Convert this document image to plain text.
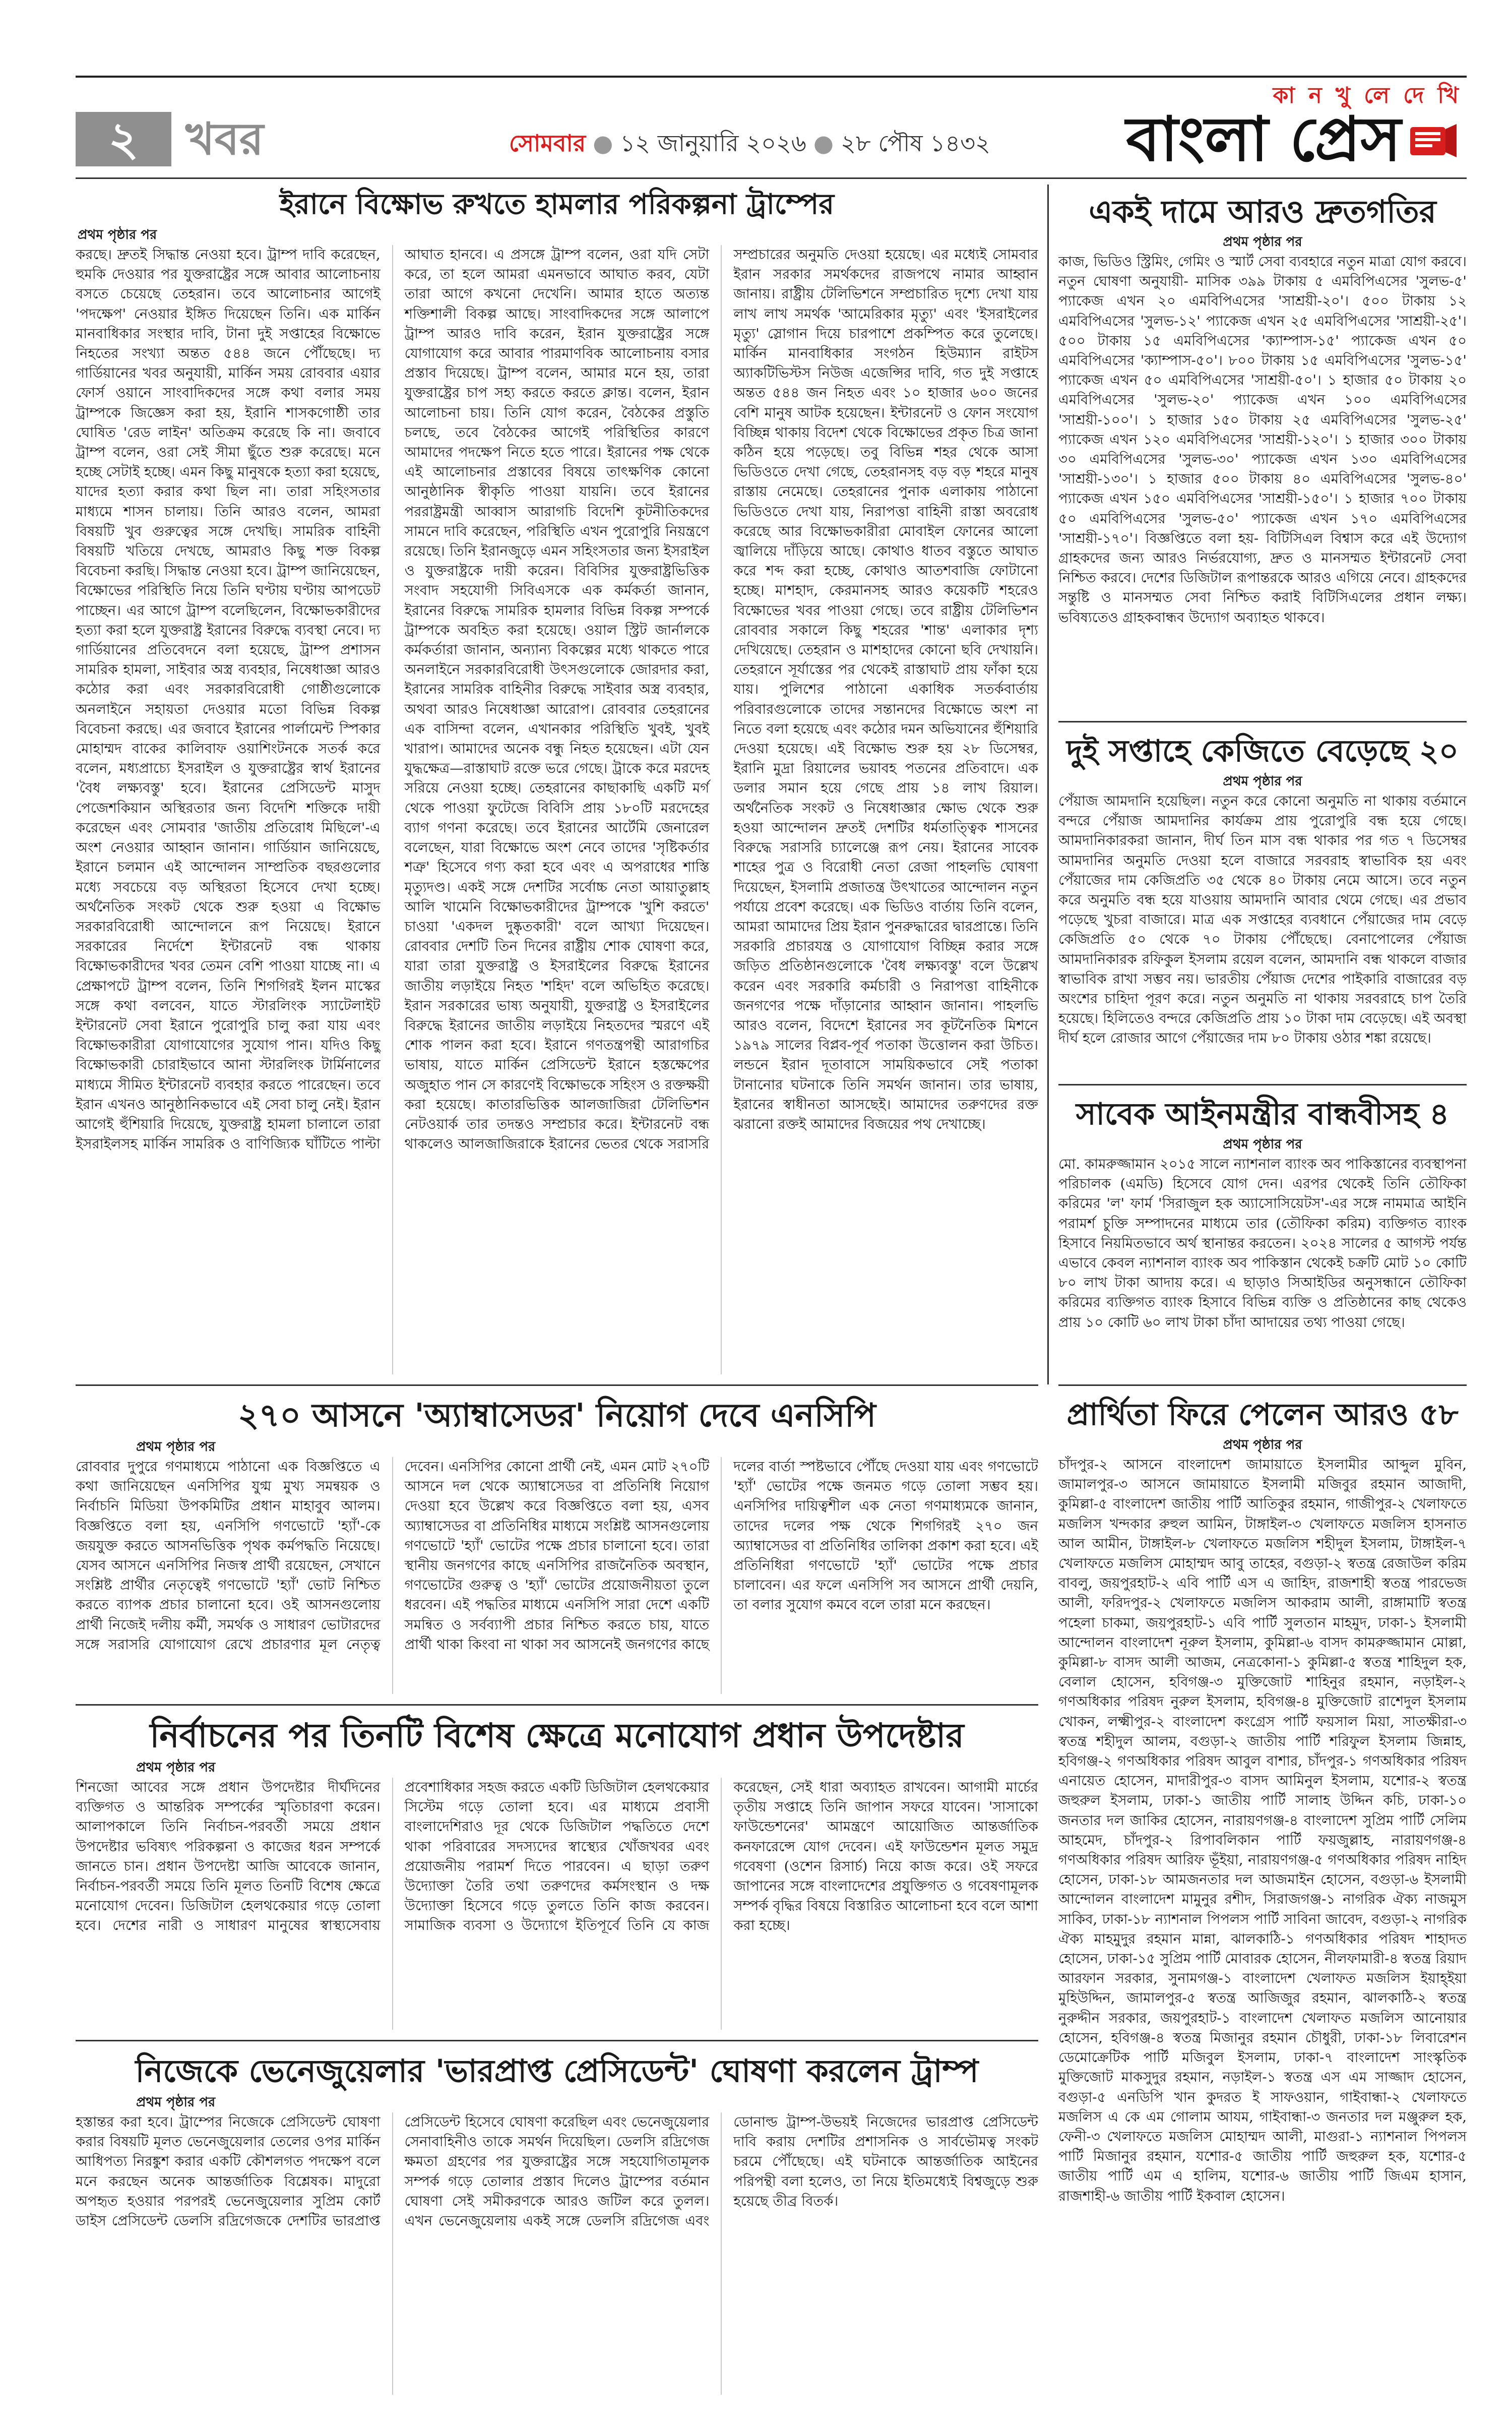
২	খবর	সোমবার ● ১২ জানুয়ারি ২০২৬ ● ২৮ পৌষ ১৪৩২
কা ন খু লে দে খি
বাংলা প্রেস
ইরানে বিক্ষোভ রুখতে হামলার পরিকল্পনা ট্রাম্পের

প্রথম পৃষ্ঠার পর

করছে। দ্রুতই সিদ্ধান্ত নেওয়া হবে। ট্রাম্প দাবি করেছেন, হুমকি দেওয়ার পর যুক্তরাষ্ট্রের সঙ্গে আবার আলোচনায় বসতে চেয়েছে তেহরান। তবে আলোচনার আগেই 'পদক্ষেপ' নেওয়ার ইঙ্গিত দিয়েছেন তিনি। এক মার্কিন মানবাধিকার সংস্থার দাবি, টানা দুই সপ্তাহের বিক্ষোভে নিহতের সংখ্যা অন্তত ৫৪৪ জনে পৌঁছেছে। দ্য গার্ডিয়ানের খবর অনুযায়ী, মার্কিন সময় রোববার এয়ার ফোর্স ওয়ানে সাংবাদিকদের সঙ্গে কথা বলার সময় ট্রাম্পকে জিজ্ঞেস করা হয়, ইরানি শাসকগোষ্ঠী তার ঘোষিত 'রেড লাইন' অতিক্রম করেছে কি না। জবাবে ট্রাম্প বলেন, ওরা সেই সীমা ছুঁতে শুরু করেছে। মনে হচ্ছে সেটাই হচ্ছে। এমন কিছু মানুষকে হত্যা করা হয়েছে, যাদের হত্যা করার কথা ছিল না। তারা সহিংসতার মাধ্যমে শাসন চালায়। তিনি আরও বলেন, আমরা বিষয়টি খুব গুরুত্বের সঙ্গে দেখছি। সামরিক বাহিনী বিষয়টি খতিয়ে দেখছে, আমরাও কিছু শক্ত বিকল্প বিবেচনা করছি। সিদ্ধান্ত নেওয়া হবে। ট্রাম্প জানিয়েছেন, বিক্ষোভের পরিস্থিতি নিয়ে তিনি ঘণ্টায় ঘণ্টায় আপডেট পাচ্ছেন। এর আগে ট্রাম্প বলেছিলেন, বিক্ষোভকারীদের হত্যা করা হলে যুক্তরাষ্ট্র ইরানের বিরুদ্ধে ব্যবস্থা নেবে। দ্য গার্ডিয়ানের প্রতিবেদনে বলা হয়েছে, ট্রাম্প প্রশাসন সামরিক হামলা, সাইবার অস্ত্র ব্যবহার, নিষেধাজ্ঞা আরও কঠোর করা এবং সরকারবিরোধী গোষ্ঠীগুলোকে অনলাইনে সহায়তা দেওয়ার মতো বিভিন্ন বিকল্প বিবেচনা করছে। এর জবাবে ইরানের পার্লামেন্ট স্পিকার মোহাম্মদ বাকের কালিবাফ ওয়াশিংটনকে সতর্ক করে বলেন, মধ্যপ্রাচ্যে ইসরাইল ও যুক্তরাষ্ট্রের স্বার্থ ইরানের 'বৈধ লক্ষ্যবস্তু' হবে। ইরানের প্রেসিডেন্ট মাসুদ পেজেশকিয়ান অস্থিরতার জন্য বিদেশি শক্তিকে দায়ী করেছেন এবং সোমবার 'জাতীয় প্রতিরোধ মিছিলে'-এ অংশ নেওয়ার আহ্বান জানান। গার্ডিয়ান জানিয়েছে, ইরানে চলমান এই আন্দোলন সাম্প্রতিক বছরগুলোর মধ্যে সবচেয়ে বড় অস্থিরতা হিসেবে দেখা হচ্ছে। অর্থনৈতিক সংকট থেকে শুরু হওয়া এ বিক্ষোভ সরকারবিরোধী আন্দোলনে রূপ নিয়েছে। ইরানে সরকারের নির্দেশে ইন্টারনেট বন্ধ থাকায় বিক্ষোভকারীদের খবর তেমন বেশি পাওয়া যাচ্ছে না। এ প্রেক্ষাপটে ট্রাম্প বলেন, তিনি শিগগিরই ইলন মাস্কের সঙ্গে কথা বলবেন, যাতে স্টারলিংক স্যাটেলাইট ইন্টারনেট সেবা ইরানে পুরোপুরি চালু করা যায় এবং বিক্ষোভকারীরা যোগাযোগের সুযোগ পান। যদিও কিছু বিক্ষোভকারী চোরাইভাবে আনা স্টারলিংক টার্মিনালের মাধ্যমে সীমিত ইন্টারনেট ব্যবহার করতে পারেছেন। তবে ইরান এখনও আনুষ্ঠানিকভাবে এই সেবা চালু নেই। ইরান আগেই হুঁশিয়ারি দিয়েছে, যুক্তরাষ্ট্র হামলা চালালে তারা ইসরাইলসহ মার্কিন সামরিক ও বাণিজ্যিক ঘাঁটিতে পাল্টা আঘাত হানবে। এ প্রসঙ্গে ট্রাম্প বলেন, ওরা যদি সেটা করে, তা হলে আমরা এমনভাবে আঘাত করব, যেটা তারা আগে কখনো দেখেনি। আমার হাতে অত্যন্ত শক্তিশালী বিকল্প আছে। সাংবাদিকদের সঙ্গে আলাপে ট্রাম্প আরও দাবি করেন, ইরান যুক্তরাষ্ট্রের সঙ্গে যোগাযোগ করে আবার পারমাণবিক আলোচনায় বসার প্রস্তাব দিয়েছে। ট্রাম্প বলেন, আমার মনে হয়, তারা যুক্তরাষ্ট্রের চাপ সহ্য করতে করতে ক্লান্ত। বলেন, ইরান আলোচনা চায়। তিনি যোগ করেন, বৈঠকের প্রস্তুতি চলছে, তবে বৈঠকের আগেই পরিস্থিতির কারণে আমাদের পদক্ষেপ নিতে হতে পারে। ইরানের পক্ষ থেকে এই আলোচনার প্রস্তাবের বিষয়ে তাৎক্ষণিক কোনো আনুষ্ঠানিক স্বীকৃতি পাওয়া যায়নি। তবে ইরানের পররাষ্ট্রমন্ত্রী আব্বাস আরাগচি বিদেশি কূটনীতিকদের সামনে দাবি করেছেন, পরিস্থিতি এখন পুরোপুরি নিয়ন্ত্রণে রয়েছে। তিনি ইরানজুড়ে এমন সহিংসতার জন্য ইসরাইল ও যুক্তরাষ্ট্রকে দায়ী করেন। বিবিসির যুক্তরাষ্ট্রভিত্তিক সংবাদ সহযোগী সিবিএসকে এক কর্মকর্তা জানান, ইরানের বিরুদ্ধে সামরিক হামলার বিভিন্ন বিকল্প সম্পর্কে ট্রাম্পকে অবহিত করা হয়েছে। ওয়াল স্ট্রিট জার্নালকে কর্মকর্তারা জানান, অন্যান্য বিকল্পের মধ্যে থাকতে পারে অনলাইনে সরকারবিরোধী উৎসগুলোকে জোরদার করা, ইরানের সামরিক বাহিনীর বিরুদ্ধে সাইবার অস্ত্র ব্যবহার, অথবা আরও নিষেধাজ্ঞা আরোপ। রোববার তেহরানের এক বাসিন্দা বলেন, এখানকার পরিস্থিতি খুবই, খুবই খারাপ। আমাদের অনেক বন্ধু নিহত হয়েছেন। এটা যেন যুদ্ধক্ষেত্র—রাস্তাঘাট রক্তে ভরে গেছে। ট্রাকে করে মরদেহ সরিয়ে নেওয়া হচ্ছে। তেহরানের কাছাকাছি একটি মর্গ থেকে পাওয়া ফুটেজে বিবিসি প্রায় ১৮০টি মরদেহের ব্যাগ গণনা করেছে। তবে ইরানের আর্টেমি জেনারেল বলেছেন, যারা বিক্ষোভে অংশ নেবে তাদের 'সৃষ্টিকর্তার শত্রু' হিসেবে গণ্য করা হবে এবং এ অপরাধের শাস্তি মৃত্যুদণ্ড। একই সঙ্গে দেশটির সর্বোচ্চ নেতা আয়াতুল্লাহ আলি খামেনি বিক্ষোভকারীদের ট্রাম্পকে 'খুশি করতে' চাওয়া 'একদল দুষ্কৃতকারী' বলে আখ্যা দিয়েছেন। রোববার দেশটি তিন দিনের রাষ্ট্রীয় শোক ঘোষণা করে, যারা তারা যুক্তরাষ্ট্র ও ইসরাইলের বিরুদ্ধে ইরানের জাতীয় লড়াইয়ে নিহত 'শহিদ' বলে অভিহিত করেছে। ইরান সরকারের ভাষ্য অনুযায়ী, যুক্তরাষ্ট্র ও ইসরাইলের বিরুদ্ধে ইরানের জাতীয় লড়াইয়ে নিহতদের স্মরণে এই শোক পালন করা হবে। ইরানে গণতন্ত্রপন্থী আরাগচির ভাষায়, যাতে মার্কিন প্রেসিডেন্ট ইরানে হস্তক্ষেপের অজুহাত পান সে কারণেই বিক্ষোভকে সহিংস ও রক্তক্ষয়ী করা হয়েছে। কাতারভিত্তিক আলজাজিরা টেলিভিশন নেটওয়ার্ক তার তদন্তও সম্প্রচার করে। ইন্টারনেট বন্ধ থাকলেও আলজাজিরাকে ইরানের ভেতর থেকে সরাসরি সম্প্রচারের অনুমতি দেওয়া হয়েছে। এর মধ্যেই সোমবার ইরান সরকার সমর্থকদের রাজপথে নামার আহ্বান জানায়। রাষ্ট্রীয় টেলিভিশনে সম্প্রচারিত দৃশ্যে দেখা যায় লাখ লাখ সমর্থক 'আমেরিকার মৃত্যু' এবং 'ইসরাইলের মৃত্যু' স্লোগান দিয়ে চারপাশে প্রকম্পিত করে তুলেছে। মার্কিন মানবাধিকার সংগঠন হিউম্যান রাইটস অ্যাকটিভিস্টস নিউজ এজেন্সির দাবি, গত দুই সপ্তাহে অন্তত ৫৪৪ জন নিহত এবং ১০ হাজার ৬০০ জনের বেশি মানুষ আটক হয়েছেন। ইন্টারনেট ও ফোন সংযোগ বিচ্ছিন্ন থাকায় বিদেশ থেকে বিক্ষোভের প্রকৃত চিত্র জানা কঠিন হয়ে পড়েছে। তবু বিভিন্ন শহর থেকে আসা ভিডিওতে দেখা গেছে, তেহরানসহ বড় বড় শহরে মানুষ রাস্তায় নেমেছে। তেহরানের পুনাক এলাকায় পাঠানো ভিডিওতে দেখা যায়, নিরাপত্তা বাহিনী রাস্তা অবরোধ করেছে আর বিক্ষোভকারীরা মোবাইল ফোনের আলো জ্বালিয়ে দাঁড়িয়ে আছে। কোথাও ধাতব বস্তুতে আঘাত করে শব্দ করা হচ্ছে, কোথাও আতশবাজি ফোটানো হচ্ছে। মাশহাদ, কেরমানসহ আরও কয়েকটি শহরেও বিক্ষোভের খবর পাওয়া গেছে। তবে রাষ্ট্রীয় টেলিভিশন রোববার সকালে কিছু শহরের 'শান্ত' এলাকার দৃশ্য দেখিয়েছে। তেহরান ও মাশহাদের কোনো ছবি দেখায়নি। তেহরানে সূর্যাস্তের পর থেকেই রাস্তাঘাট প্রায় ফাঁকা হয়ে যায়। পুলিশের পাঠানো একাধিক সতর্কবার্তায় পরিবারগুলোকে তাদের সন্তানদের বিক্ষোভে অংশ না নিতে বলা হয়েছে এবং কঠোর দমন অভিযানের হুঁশিয়ারি দেওয়া হয়েছে। এই বিক্ষোভ শুরু হয় ২৮ ডিসেম্বর, ইরানি মুদ্রা রিয়ালের ভয়াবহ পতনের প্রতিবাদে। এক ডলার সমান হয়ে গেছে প্রায় ১৪ লাখ রিয়াল। অর্থনৈতিক সংকট ও নিষেধাজ্ঞার ক্ষোভ থেকে শুরু হওয়া আন্দোলন দ্রুতই দেশটির ধর্মতাত্ত্বিক শাসনের বিরুদ্ধে সরাসরি চ্যালেঞ্জে রূপ নেয়। ইরানের সাবেক শাহের পুত্র ও বিরোধী নেতা রেজা পাহলভি ঘোষণা দিয়েছেন, ইসলামি প্রজাতন্ত্র উৎখাতের আন্দোলন নতুন পর্যায়ে প্রবেশ করেছে। এক ভিডিও বার্তায় তিনি বলেন, আমরা আমাদের প্রিয় ইরান পুনরুদ্ধারের দ্বারপ্রান্তে। তিনি সরকারি প্রচারযন্ত্র ও যোগাযোগ বিচ্ছিন্ন করার সঙ্গে জড়িত প্রতিষ্ঠানগুলোকে 'বৈধ লক্ষ্যবস্তু' বলে উল্লেখ করেন এবং সরকারি কর্মচারী ও নিরাপত্তা বাহিনীকে জনগণের পক্ষে দাঁড়ানোর আহ্বান জানান। পাহলভি আরও বলেন, বিদেশে ইরানের সব কূটনৈতিক মিশনে ১৯৭৯ সালের বিপ্লব-পূর্ব পতাকা উত্তোলন করা উচিত। লন্ডনে ইরান দূতাবাসে সাময়িকভাবে সেই পতাকা টানানোর ঘটনাকে তিনি সমর্থন জানান। তার ভাষায়, ইরানের স্বাধীনতা আসছেই। আমাদের তরুণদের রক্ত ঝরানো রক্তই আমাদের বিজয়ের পথ দেখাচ্ছে।
একই দামে আরও দ্রুতগতির

প্রথম পৃষ্ঠার পর

কাজ, ভিডিও স্ট্রিমিং, গেমিং ও স্মার্ট সেবা ব্যবহারে নতুন মাত্রা যোগ করবে। নতুন ঘোষণা অনুযায়ী- মাসিক ৩৯৯ টাকায় ৫ এমবিপিএসের 'সুলভ-৫' প্যাকেজ এখন ২০ এমবিপিএসের 'সাশ্রয়ী-২০'। ৫০০ টাকায় ১২ এমবিপিএসের 'সুলভ-১২' প্যাকেজ এখন ২৫ এমবিপিএসের 'সাশ্রয়ী-২৫'। ৫০০ টাকায় ১৫ এমবিপিএসের 'ক্যাম্পাস-১৫' প্যাকেজ এখন ৫০ এমবিপিএসের 'ক্যাম্পাস-৫০'। ৮০০ টাকায় ১৫ এমবিপিএসের 'সুলভ-১৫' প্যাকেজ এখন ৫০ এমবিপিএসের 'সাশ্রয়ী-৫০'। ১ হাজার ৫০ টাকায় ২০ এমবিপিএসের 'সুলভ-২০' প্যাকেজ এখন ১০০ এমবিপিএসের 'সাশ্রয়ী-১০০'। ১ হাজার ১৫০ টাকায় ২৫ এমবিপিএসের 'সুলভ-২৫' প্যাকেজ এখন ১২০ এমবিপিএসের 'সাশ্রয়ী-১২০'। ১ হাজার ৩০০ টাকায় ৩০ এমবিপিএসের 'সুলভ-৩০' প্যাকেজ এখন ১৩০ এমবিপিএসের 'সাশ্রয়ী-১৩০'। ১ হাজার ৫০০ টাকায় ৪০ এমবিপিএসের 'সুলভ-৪০' প্যাকেজ এখন ১৫০ এমবিপিএসের 'সাশ্রয়ী-১৫০'। ১ হাজার ৭০০ টাকায় ৫০ এমবিপিএসের 'সুলভ-৫০' প্যাকেজ এখন ১৭০ এমবিপিএসের 'সাশ্রয়ী-১৭০'। বিজ্ঞপ্তিতে বলা হয়- বিটিসিএল বিশ্বাস করে এই উদ্যোগ গ্রাহকদের জন্য আরও নির্ভরযোগ্য, দ্রুত ও মানসম্মত ইন্টারনেট সেবা নিশ্চিত করবে। দেশের ডিজিটাল রূপান্তরকে আরও এগিয়ে নেবে। গ্রাহকদের সন্তুষ্টি ও মানসম্মত সেবা নিশ্চিত করাই বিটিসিএলের প্রধান লক্ষ্য। ভবিষ্যতেও গ্রাহকবান্ধব উদ্যোগ অব্যাহত থাকবে।
দুই সপ্তাহে কেজিতে বেড়েছে ২০

প্রথম পৃষ্ঠার পর

পেঁয়াজ আমদানি হয়েছিল। নতুন করে কোনো অনুমতি না থাকায় বর্তমানে বন্দরে পেঁয়াজ আমদানির কার্যক্রম প্রায় পুরোপুরি বন্ধ হয়ে গেছে। আমদানিকারকরা জানান, দীর্ঘ তিন মাস বন্ধ থাকার পর গত ৭ ডিসেম্বর আমদানির অনুমতি দেওয়া হলে বাজারে সরবরাহ স্বাভাবিক হয় এবং পেঁয়াজের দাম কেজিপ্রতি ৩৫ থেকে ৪০ টাকায় নেমে আসে। তবে নতুন করে অনুমতি বন্ধ হয়ে যাওয়ায় আমদানি আবার থেমে গেছে। এর প্রভাব পড়েছে খুচরা বাজারে। মাত্র এক সপ্তাহের ব্যবধানে পেঁয়াজের দাম বেড়ে কেজিপ্রতি ৫০ থেকে ৭০ টাকায় পৌঁছেছে। বেনাপোলের পেঁয়াজ আমদানিকারক রফিকুল ইসলাম রয়েল বলেন, আমদানি বন্ধ থাকলে বাজার স্বাভাবিক রাখা সম্ভব নয়। ভারতীয় পেঁয়াজ দেশের পাইকারি বাজারের বড় অংশের চাহিদা পূরণ করে। নতুন অনুমতি না থাকায় সরবরাহে চাপ তৈরি হয়েছে। হিলিতেও বন্দরে কেজিপ্রতি প্রায় ১০ টাকা দাম বেড়েছে। এই অবস্থা দীর্ঘ হলে রোজার আগে পেঁয়াজের দাম ৮০ টাকায় ওঠার শঙ্কা রয়েছে।
সাবেক আইনমন্ত্রীর বান্ধবীসহ ৪

প্রথম পৃষ্ঠার পর

মো. কামরুজ্জামান ২০১৫ সালে ন্যাশনাল ব্যাংক অব পাকিস্তানের ব্যবস্থাপনা পরিচালক (এমডি) হিসেবে যোগ দেন। এরপর থেকেই তিনি তৌফিকা করিমের 'ল' ফার্ম 'সিরাজুল হক অ্যাসোসিয়েটস'-এর সঙ্গে নামমাত্র আইনি পরামর্শ চুক্তি সম্পাদনের মাধ্যমে তার (তৌফিকা করিম) ব্যক্তিগত ব্যাংক হিসাবে নিয়মিতভাবে অর্থ স্থানান্তর করতেন। ২০২৪ সালের ৫ আগস্ট পর্যন্ত এভাবে কেবল ন্যাশনাল ব্যাংক অব পাকিস্তান থেকেই চক্রটি মোট ১০ কোটি ৮০ লাখ টাকা আদায় করে। এ ছাড়াও সিআইডির অনুসন্ধানে তৌফিকা করিমের ব্যক্তিগত ব্যাংক হিসাবে বিভিন্ন ব্যক্তি ও প্রতিষ্ঠানের কাছ থেকেও প্রায় ১০ কোটি ৬০ লাখ টাকা চাঁদা আদায়ের তথ্য পাওয়া গেছে।
প্রার্থিতা ফিরে পেলেন আরও ৫৮

প্রথম পৃষ্ঠার পর

চাঁদপুর-২ আসনে বাংলাদেশ জামায়াতে ইসলামীর আব্দুল মুবিন, জামালপুর-৩ আসনে জামায়াতে ইসলামী মজিবুর রহমান আজাদী, কুমিল্লা-৫ বাংলাদেশ জাতীয় পার্টি আতিকুর রহমান, গাজীপুর-২ খেলাফতে মজলিস খন্দকার রুহুল আমিন, টাঙ্গাইল-৩ খেলাফতে মজলিস হাসনাত আল আমীন, টাঙ্গাইল-৮ খেলাফতে মজলিস শহীদুল ইসলাম, টাঙ্গাইল-৭ খেলাফতে মজলিস মোহাম্মদ আবু তাহের, বগুড়া-২ স্বতন্ত্র রেজাউল করিম বাবলু, জয়পুরহাট-২ এবি পার্টি এস এ জাহিদ, রাজশাহী স্বতন্ত্র পারভেজ আলী, ফরিদপুর-২ খেলাফতে মজলিস আকরাম আলী, রাঙ্গামাটি স্বতন্ত্র পহেলা চাকমা, জয়পুরহাট-১ এবি পার্টি সুলতান মাহমুদ, ঢাকা-১ ইসলামী আন্দোলন বাংলাদেশ নূরুল ইসলাম, কুমিল্লা-৬ বাসদ কামরুজ্জামান মোল্লা, কুমিল্লা-৮ বাসদ আলী আজম, নেত্রকোনা-১ কুমিল্লা-৫ স্বতন্ত্র শাহিদুল হক, বেলাল হোসেন, হবিগঞ্জ-৩ মুক্তিজোট শাহিনুর রহমান, নড়াইল-২ গণঅধিকার পরিষদ নুরুল ইসলাম, হবিগঞ্জ-৪ মুক্তিজোট রাশেদুল ইসলাম খোকন, লক্ষ্মীপুর-২ বাংলাদেশ কংগ্রেস পার্টি ফয়সাল মিয়া, সাতক্ষীরা-৩ স্বতন্ত্র শহীদুল আলম, বগুড়া-২ জাতীয় পার্টি শরিফুল ইসলাম জিন্নাহ, হবিগঞ্জ-২ গণঅধিকার পরিষদ আবুল বাশার, চাঁদপুর-১ গণঅধিকার পরিষদ এনায়েত হোসেন, মাদারীপুর-৩ বাসদ আমিনুল ইসলাম, যশোর-২ স্বতন্ত্র জহুরুল ইসলাম, ঢাকা-১ জাতীয় পার্টি সালাহ উদ্দিন কচি, ঢাকা-১০ জনতার দল জাকির হোসেন, নারায়ণগঞ্জ-৪ বাংলাদেশ সুপ্রিম পার্টি সেলিম আহমেদ, চাঁদপুর-২ রিপাবলিকান পার্টি ফয়জুল্লাহ, নারায়ণগঞ্জ-৪ গণঅধিকার পরিষদ আরিফ ভূঁইয়া, নারায়ণগঞ্জ-৫ গণঅধিকার পরিষদ নাহিদ হোসেন, ঢাকা-১৮ আমজনতার দল আজমাইন হোসেন, বগুড়া-৬ ইসলামী আন্দোলন বাংলাদেশ মামুনুর রশীদ, সিরাজগঞ্জ-১ নাগরিক ঐক্য নাজমুস সাকিব, ঢাকা-১৮ ন্যাশনাল পিপলস পার্টি সাবিনা জাবেদ, বগুড়া-২ নাগরিক ঐক্য মাহমুদুর রহমান মান্না, ঝালকাঠি-১ গণঅধিকার পরিষদ শাহাদত হোসেন, ঢাকা-১৫ সুপ্রিম পার্টি মোবারক হোসেন, নীলফামারী-৪ স্বতন্ত্র রিয়াদ আরফান সরকার, সুনামগঞ্জ-১ বাংলাদেশ খেলাফত মজলিস ইয়াহ্ইয়া মুহিউদ্দিন, জামালপুর-৫ স্বতন্ত্র আজিজুর রহমান, ঝালকাঠি-২ স্বতন্ত্র নুরুদ্দীন সরকার, জয়পুরহাট-১ বাংলাদেশ খেলাফত মজলিস আনোয়ার হোসেন, হবিগঞ্জ-৪ স্বতন্ত্র মিজানুর রহমান চৌধুরী, ঢাকা-১৮ লিবারেশন ডেমোক্রেটিক পার্টি মজিবুল ইসলাম, ঢাকা-৭ বাংলাদেশ সাংস্কৃতিক মুক্তিজোট মাকসুদুর রহমান, নড়াইল-১ স্বতন্ত্র এস এম সাজ্জাদ হোসেন, বগুড়া-৫ এনডিপি খান কুদরত ই সাফওয়ান, গাইবান্ধা-২ খেলাফতে মজলিস এ কে এম গোলাম আযম, গাইবান্ধা-৩ জনতার দল মঞ্জুরুল হক, ফেনী-৩ খেলাফতে মজলিস মোহাম্মদ আলী, মাগুরা-১ ন্যাশনাল পিপলস পার্টি মিজানুর রহমান, যশোর-৫ জাতীয় পার্টি জহুরুল হক, যশোর-৫ জাতীয় পার্টি এম এ হালিম, যশোর-৬ জাতীয় পার্টি জিএম হাসান, রাজশাহী-৬ জাতীয় পার্টি ইকবাল হোসেন।
২৭০ আসনে 'অ্যাম্বাসেডর' নিয়োগ দেবে এনসিপি

প্রথম পৃষ্ঠার পর

রোববার দুপুরে গণমাধ্যমে পাঠানো এক বিজ্ঞপ্তিতে এ কথা জানিয়েছেন এনসিপির যুগ্ম মুখ্য সমন্বয়ক ও নির্বাচনি মিডিয়া উপকমিটির প্রধান মাহাবুব আলম। বিজ্ঞপ্তিতে বলা হয়, এনসিপি গণভোটে 'হ্যাঁ'-কে জয়যুক্ত করতে আসনভিত্তিক পৃথক কর্মপদ্ধতি নিয়েছে। যেসব আসনে এনসিপির নিজস্ব প্রার্থী রয়েছেন, সেখানে সংশ্লিষ্ট প্রার্থীর নেতৃত্বেই গণভোটে 'হ্যাঁ' ভোট নিশ্চিত করতে ব্যাপক প্রচার চালানো হবে। ওই আসনগুলোয় প্রার্থী নিজেই দলীয় কর্মী, সমর্থক ও সাধারণ ভোটারদের সঙ্গে সরাসরি যোগাযোগ রেখে প্রচারণার মূল নেতৃত্ব দেবেন। এনসিপির কোনো প্রার্থী নেই, এমন মোট ২৭০টি আসনে দল থেকে অ্যাম্বাসেডর বা প্রতিনিধি নিয়োগ দেওয়া হবে উল্লেখ করে বিজ্ঞপ্তিতে বলা হয়, এসব অ্যাম্বাসেডর বা প্রতিনিধির মাধ্যমে সংশ্লিষ্ট আসনগুলোয় গণভোটে 'হ্যাঁ' ভোটের পক্ষে প্রচার চালানো হবে। তারা স্থানীয় জনগণের কাছে এনসিপির রাজনৈতিক অবস্থান, গণভোটের গুরুত্ব ও 'হ্যাঁ' ভোটের প্রয়োজনীয়তা তুলে ধরবেন। এই পদ্ধতির মাধ্যমে এনসিপি সারা দেশে একটি সমন্বিত ও সর্বব্যাপী প্রচার নিশ্চিত করতে চায়, যাতে প্রার্থী থাকা কিংবা না থাকা সব আসনেই জনগণের কাছে দলের বার্তা স্পষ্টভাবে পৌঁছে দেওয়া যায় এবং গণভোটে 'হ্যাঁ' ভোটের পক্ষে জনমত গড়ে তোলা সম্ভব হয়। এনসিপির দায়িত্বশীল এক নেতা গণমাধ্যমকে জানান, তাদের দলের পক্ষ থেকে শিগগিরই ২৭০ জন অ্যাম্বাসেডর বা প্রতিনিধির তালিকা প্রকাশ করা হবে। এই প্রতিনিধিরা গণভোটে 'হ্যাঁ' ভোটের পক্ষে প্রচার চালাবেন। এর ফলে এনসিপি সব আসনে প্রার্থী দেয়নি, তা বলার সুযোগ কমবে বলে তারা মনে করছেন।
নির্বাচনের পর তিনটি বিশেষ ক্ষেত্রে মনোযোগ প্রধান উপদেষ্টার

প্রথম পৃষ্ঠার পর

শিনজো আবের সঙ্গে প্রধান উপদেষ্টার দীর্ঘদিনের ব্যক্তিগত ও আন্তরিক সম্পর্কের স্মৃতিচারণা করেন। আলাপকালে তিনি নির্বাচন-পরবর্তী সময়ে প্রধান উপদেষ্টার ভবিষ্যৎ পরিকল্পনা ও কাজের ধরন সম্পর্কে জানতে চান। প্রধান উপদেষ্টা আজি আবেকে জানান, নির্বাচন-পরবর্তী সময়ে তিনি মূলত তিনটি বিশেষ ক্ষেত্রে মনোযোগ দেবেন। ডিজিটাল হেলথকেয়ার গড়ে তোলা হবে। দেশের নারী ও সাধারণ মানুষের স্বাস্থ্যসেবায় প্রবেশাধিকার সহজ করতে একটি ডিজিটাল হেলথকেয়ার সিস্টেম গড়ে তোলা হবে। এর মাধ্যমে প্রবাসী বাংলাদেশিরাও দূর থেকে ডিজিটাল পদ্ধতিতে দেশে থাকা পরিবারের সদস্যদের স্বাস্থ্যের খোঁজখবর এবং প্রয়োজনীয় পরামর্শ দিতে পারবেন। এ ছাড়া তরুণ উদ্যোক্তা তৈরি তথা তরুণদের কর্মসংস্থান ও দক্ষ উদ্যোক্তা হিসেবে গড়ে তুলতে তিনি কাজ করবেন। সামাজিক ব্যবসা ও উদ্যোগে ইতিপূর্বে তিনি যে কাজ করেছেন, সেই ধারা অব্যাহত রাখবেন। আগামী মার্চের তৃতীয় সপ্তাহে তিনি জাপান সফরে যাবেন। 'সাসাকো ফাউন্ডেশনের' আমন্ত্রণে আয়োজিত আন্তর্জাতিক কনফারেন্সে যোগ দেবেন। এই ফাউন্ডেশন মূলত সমুদ্র গবেষণা (ওশেন রিসার্চ) নিয়ে কাজ করে। ওই সফরে জাপানের সঙ্গে বাংলাদেশের প্রযুক্তিগত ও গবেষণামূলক সম্পর্ক বৃদ্ধির বিষয়ে বিস্তারিত আলোচনা হবে বলে আশা করা হচ্ছে।
নিজেকে ভেনেজুয়েলার 'ভারপ্রাপ্ত প্রেসিডেন্ট' ঘোষণা করলেন ট্রাম্প

প্রথম পৃষ্ঠার পর

হস্তান্তর করা হবে। ট্রাম্পের নিজেকে প্রেসিডেন্ট ঘোষণা করার বিষয়টি মূলত ভেনেজুয়েলার তেলের ওপর মার্কিন আধিপত্য নিরঙ্কুশ করার একটি কৌশলগত পদক্ষেপ বলে মনে করছেন অনেক আন্তর্জাতিক বিশ্লেষক। মাদুরো অপহৃত হওয়ার পরপরই ভেনেজুয়েলার সুপ্রিম কোর্ট ডাইস প্রেসিডেন্ট ডেলসি রদ্রিগেজকে দেশটির ভারপ্রাপ্ত প্রেসিডেন্ট হিসেবে ঘোষণা করেছিল এবং ভেনেজুয়েলার সেনাবাহিনীও তাকে সমর্থন দিয়েছিল। ডেলসি রদ্রিগেজ ক্ষমতা গ্রহণের পর যুক্তরাষ্ট্রের সঙ্গে সহযোগিতামূলক সম্পর্ক গড়ে তোলার প্রস্তাব দিলেও ট্রাম্পের বর্তমান ঘোষণা সেই সমীকরণকে আরও জটিল করে তুলল। এখন ভেনেজুয়েলায় একই সঙ্গে ডেলসি রদ্রিগেজ এবং ডোনাল্ড ট্রাম্প-উভয়ই নিজেদের ভারপ্রাপ্ত প্রেসিডেন্ট দাবি করায় দেশটির প্রশাসনিক ও সার্বভৌমত্ব সংকট চরমে পৌঁছেছে। এই ঘটনাকে আন্তর্জাতিক আইনের পরিপন্থী বলা হলেও, তা নিয়ে ইতিমধ্যেই বিশ্বজুড়ে শুরু হয়েছে তীব্র বিতর্ক।
